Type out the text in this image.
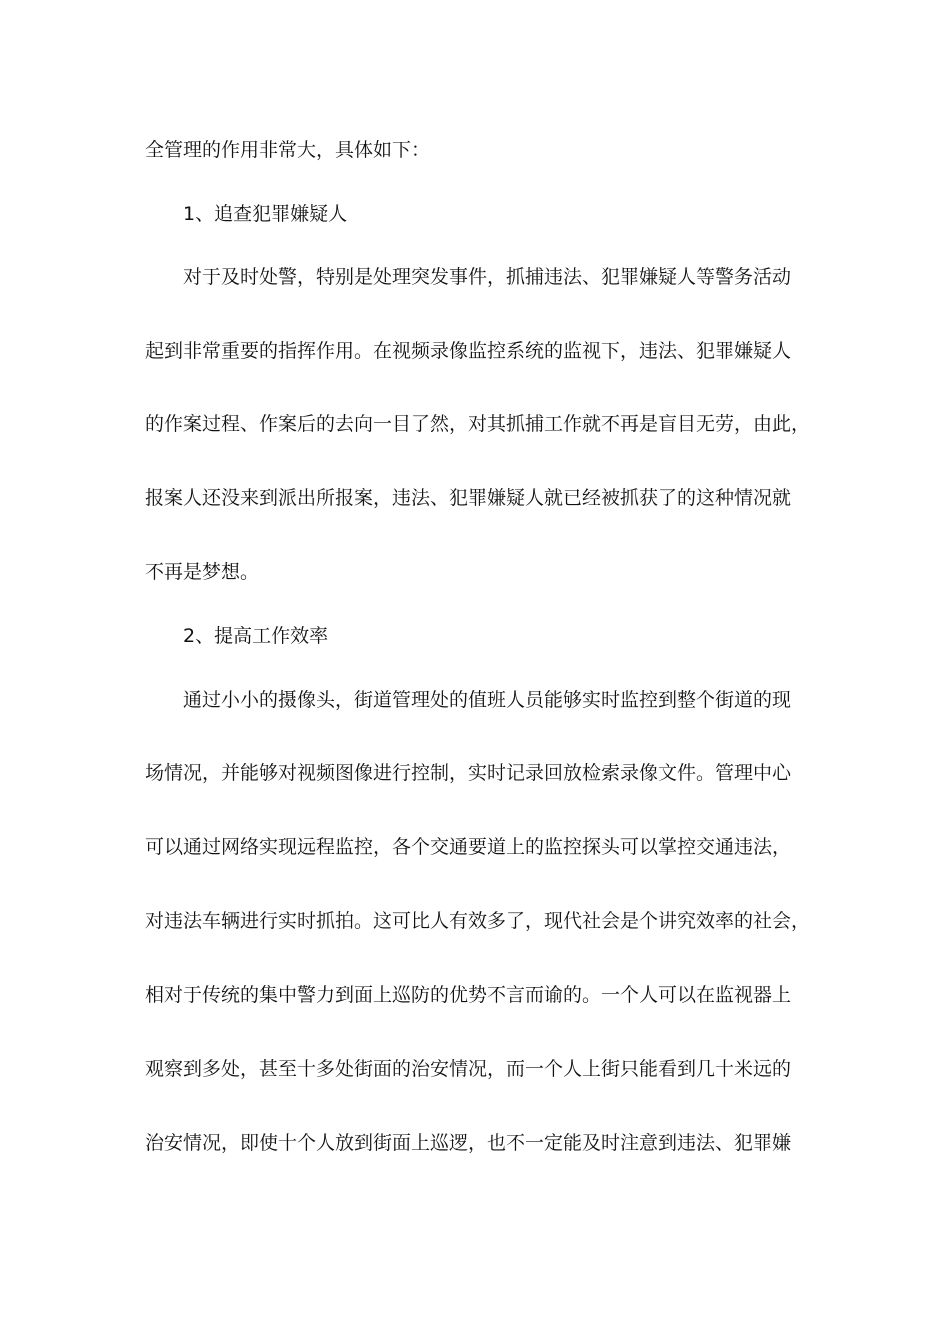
全管理的作用非常大，具体如下：
1、追查犯罪嫌疑人
对于及时处警，特别是处理突发事件，抓捕违法、犯罪嫌疑人等警务活动
起到非常重要的指挥作用。在视频录像监控系统的监视下，违法、犯罪嫌疑人
的作案过程、作案后的去向一目了然，对其抓捕工作就不再是盲目无劳，由此，
报案人还没来到派出所报案，违法、犯罪嫌疑人就已经被抓获了的这种情况就
不再是梦想。
2、提高工作效率
通过小小的摄像头，街道管理处的值班人员能够实时监控到整个街道的现
场情况，并能够对视频图像进行控制，实时记录回放检索录像文件。管理中心
可以通过网络实现远程监控，各个交通要道上的监控探头可以掌控交通违法，
对违法车辆进行实时抓拍。这可比人有效多了，现代社会是个讲究效率的社会，
相对于传统的集中警力到面上巡防的优势不言而谕的。一个人可以在监视器上
观察到多处，甚至十多处街面的治安情况，而一个人上街只能看到几十米远的
治安情况，即使十个人放到街面上巡逻，也不一定能及时注意到违法、犯罪嫌
